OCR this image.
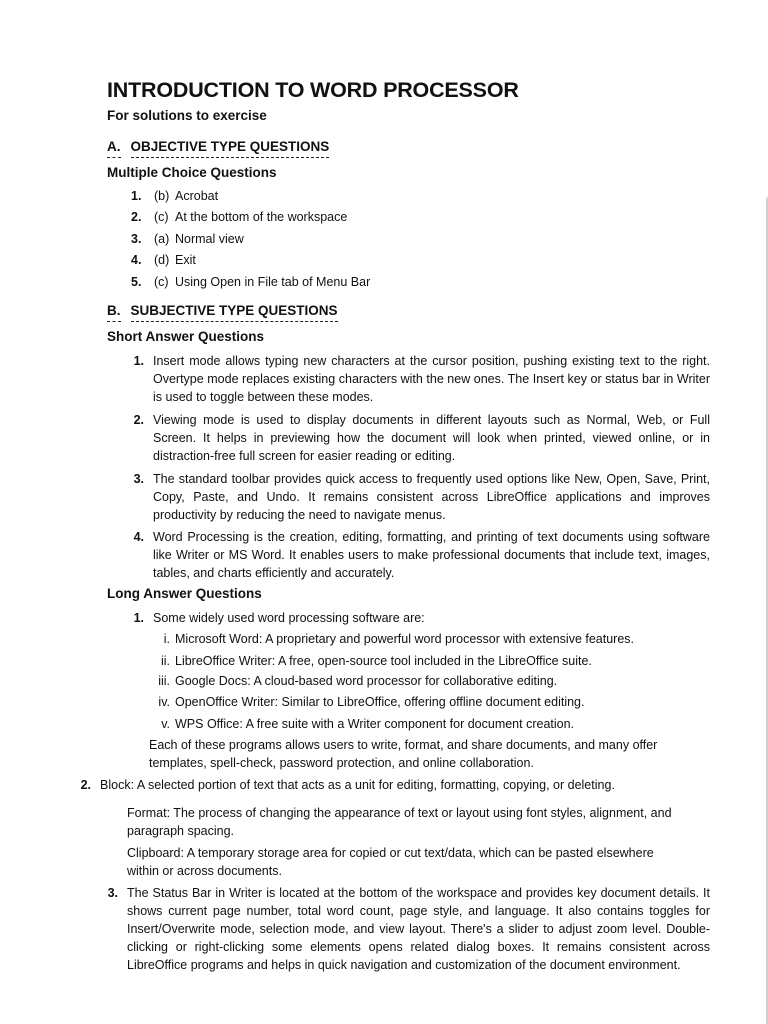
INTRODUCTION TO WORD PROCESSOR
For solutions to exercise
A. OBJECTIVE TYPE QUESTIONS
Multiple Choice Questions
1. (b) Acrobat
2. (c) At the bottom of the workspace
3. (a) Normal view
4. (d) Exit
5. (c) Using Open in File tab of Menu Bar
B. SUBJECTIVE TYPE QUESTIONS
Short Answer Questions
1. Insert mode allows typing new characters at the cursor position, pushing existing text to the right. Overtype mode replaces existing characters with the new ones. The Insert key or status bar in Writer is used to toggle between these modes.
2. Viewing mode is used to display documents in different layouts such as Normal, Web, or Full Screen. It helps in previewing how the document will look when printed, viewed online, or in distraction-free full screen for easier reading or editing.
3. The standard toolbar provides quick access to frequently used options like New, Open, Save, Print, Copy, Paste, and Undo. It remains consistent across LibreOffice applications and improves productivity by reducing the need to navigate menus.
4. Word Processing is the creation, editing, formatting, and printing of text documents using software like Writer or MS Word. It enables users to make professional documents that include text, images, tables, and charts efficiently and accurately.
Long Answer Questions
1. Some widely used word processing software are:
i. Microsoft Word: A proprietary and powerful word processor with extensive features.
ii. LibreOffice Writer: A free, open-source tool included in the LibreOffice suite.
iii. Google Docs: A cloud-based word processor for collaborative editing.
iv. OpenOffice Writer: Similar to LibreOffice, offering offline document editing.
v. WPS Office: A free suite with a Writer component for document creation.
Each of these programs allows users to write, format, and share documents, and many offer templates, spell-check, password protection, and online collaboration.
2. Block: A selected portion of text that acts as a unit for editing, formatting, copying, or deleting.
Format: The process of changing the appearance of text or layout using font styles, alignment, and paragraph spacing.
Clipboard: A temporary storage area for copied or cut text/data, which can be pasted elsewhere within or across documents.
3. The Status Bar in Writer is located at the bottom of the workspace and provides key document details. It shows current page number, total word count, page style, and language. It also contains toggles for Insert/Overwrite mode, selection mode, and view layout. There's a slider to adjust zoom level. Double-clicking or right-clicking some elements opens related dialog boxes. It remains consistent across LibreOffice programs and helps in quick navigation and customization of the document environment.
